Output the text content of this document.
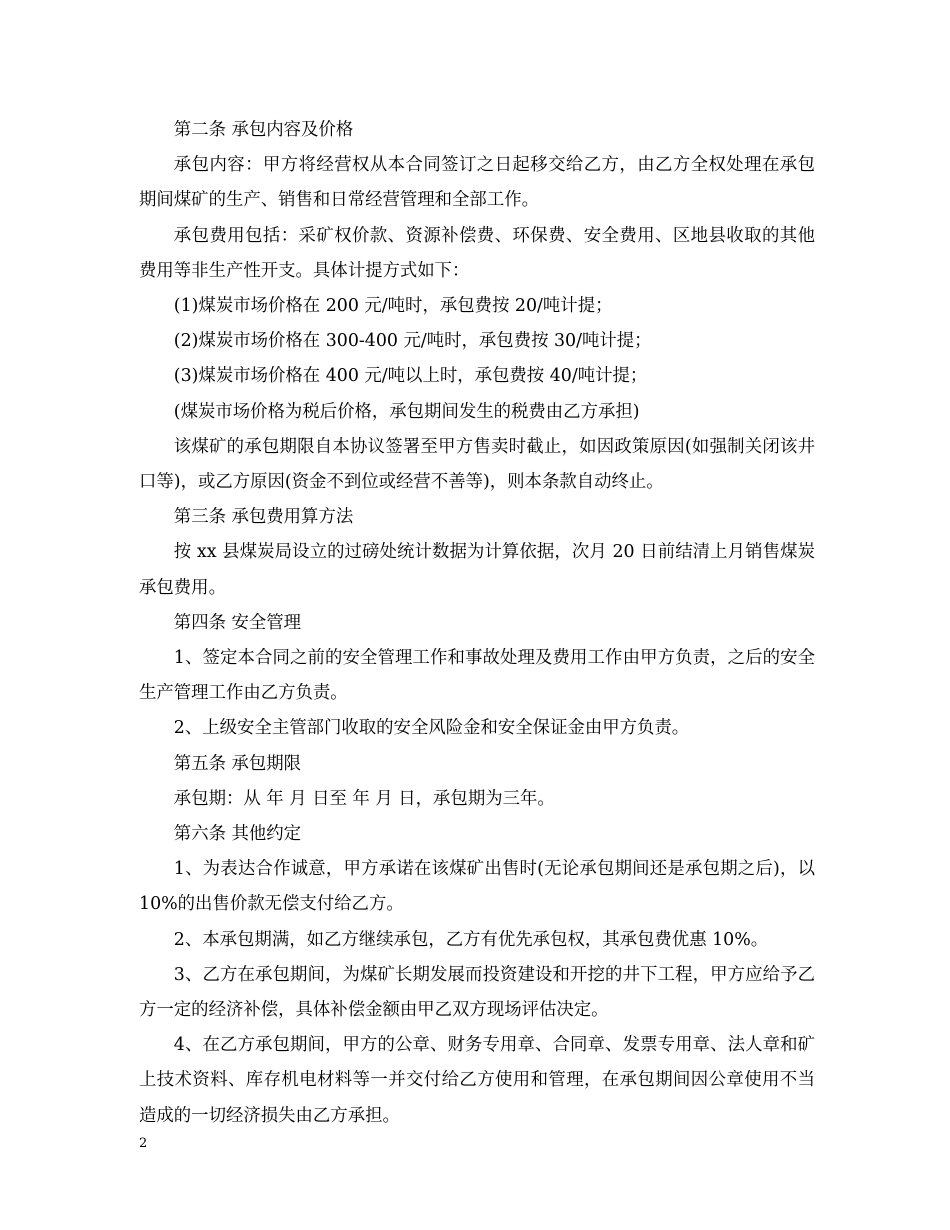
第二条 承包内容及价格

承包内容：甲方将经营权从本合同签订之日起移交给乙方，由乙方全权处理在承包期间煤矿的生产、销售和日常经营管理和全部工作。

承包费用包括：采矿权价款、资源补偿费、环保费、安全费用、区地县收取的其他费用等非生产性开支。具体计提方式如下：

(1)煤炭市场价格在 200 元/吨时，承包费按 20/吨计提；

(2)煤炭市场价格在 300-400 元/吨时，承包费按 30/吨计提；

(3)煤炭市场价格在 400 元/吨以上时，承包费按 40/吨计提；

(煤炭市场价格为税后价格，承包期间发生的税费由乙方承担)

该煤矿的承包期限自本协议签署至甲方售卖时截止，如因政策原因(如强制关闭该井口等)，或乙方原因(资金不到位或经营不善等)，则本条款自动终止。

第三条 承包费用算方法

按 xx 县煤炭局设立的过磅处统计数据为计算依据，次月 20 日前结清上月销售煤炭承包费用。

第四条 安全管理

1、签定本合同之前的安全管理工作和事故处理及费用工作由甲方负责，之后的安全生产管理工作由乙方负责。

2、上级安全主管部门收取的安全风险金和安全保证金由甲方负责。

第五条 承包期限

承包期：从 年 月 日至 年 月 日，承包期为三年。

第六条 其他约定

1、为表达合作诚意，甲方承诺在该煤矿出售时(无论承包期间还是承包期之后)，以 10%的出售价款无偿支付给乙方。

2、本承包期满，如乙方继续承包，乙方有优先承包权，其承包费优惠 10%。

3、乙方在承包期间，为煤矿长期发展而投资建设和开挖的井下工程，甲方应给予乙方一定的经济补偿，具体补偿金额由甲乙双方现场评估决定。

4、在乙方承包期间，甲方的公章、财务专用章、合同章、发票专用章、法人章和矿上技术资料、库存机电材料等一并交付给乙方使用和管理，在承包期间因公章使用不当造成的一切经济损失由乙方承担。

2
